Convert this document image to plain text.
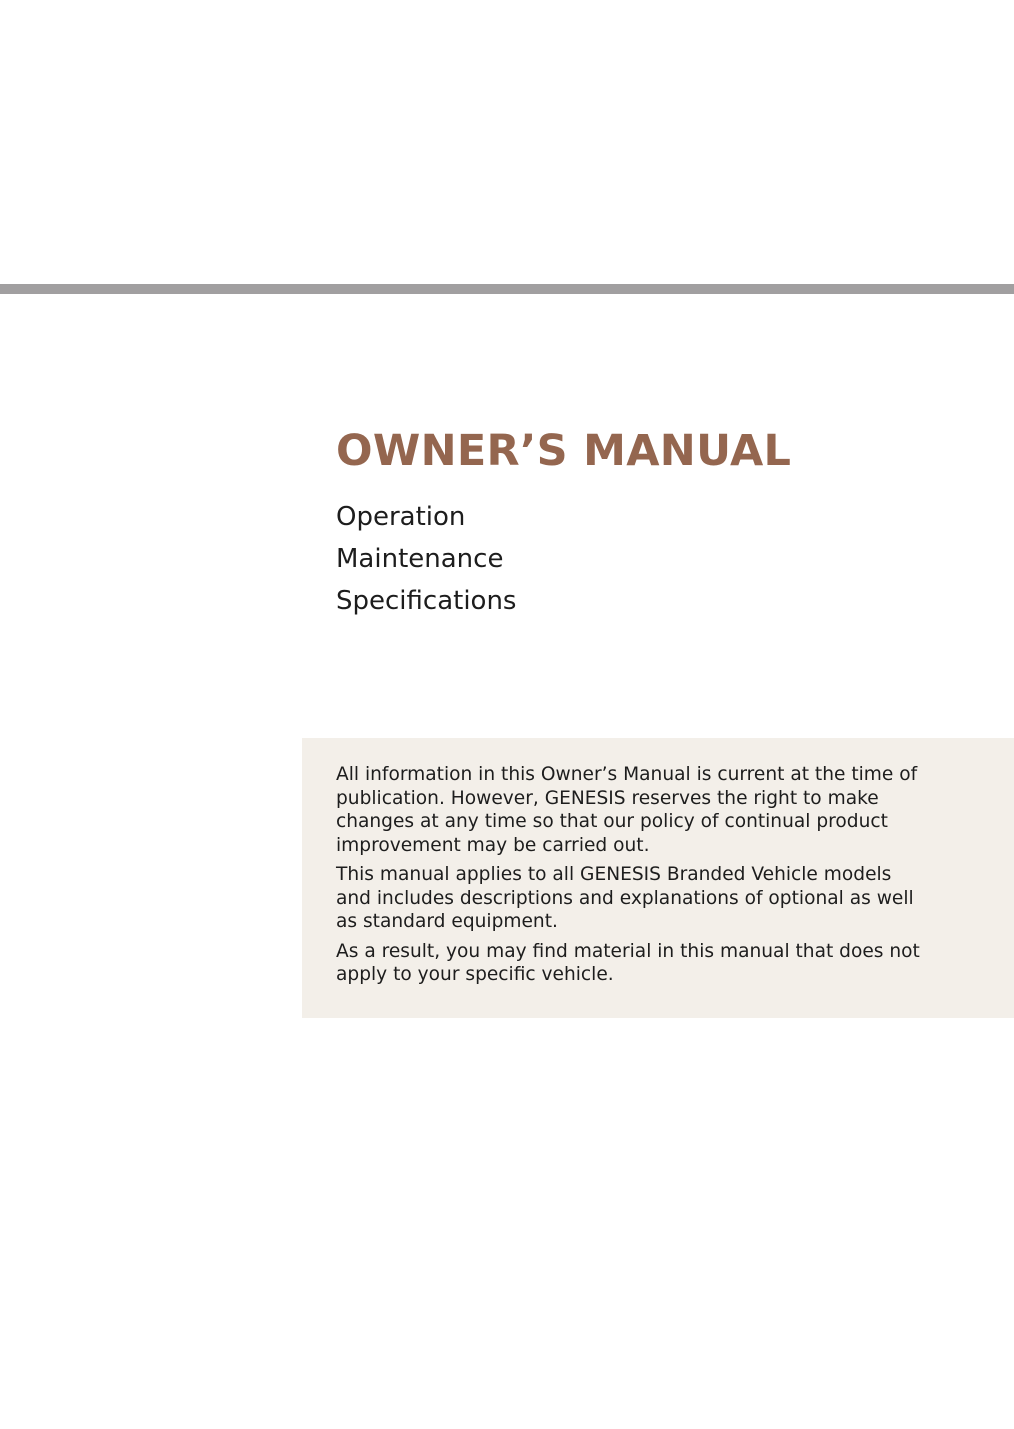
OWNER’S MANUAL
Operation
Maintenance
Specifications

All information in this Owner’s Manual is current at the time of publication. However, GENESIS reserves the right to make changes at any time so that our policy of continual product improvement may be carried out.

This manual applies to all GENESIS Branded Vehicle models and includes descriptions and explanations of optional as well as standard equipment.

As a result, you may find material in this manual that does not apply to your specific vehicle.
